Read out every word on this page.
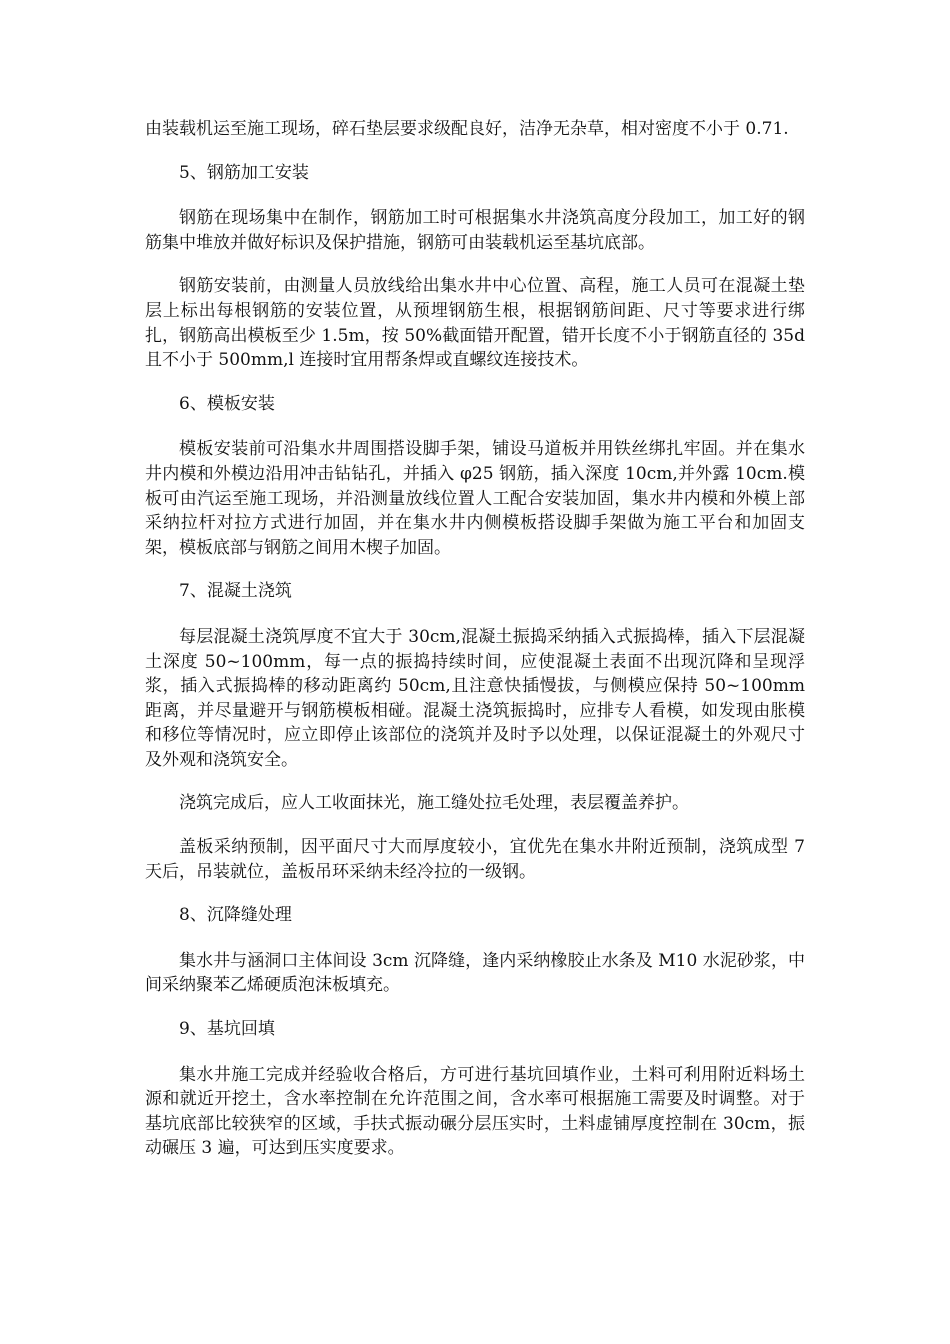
由装载机运至施工现场，碎石垫层要求级配良好，洁净无杂草，相对密度不小于 0.71.

5、钢筋加工安装

钢筋在现场集中在制作，钢筋加工时可根据集水井浇筑高度分段加工，加工好的钢筋集中堆放并做好标识及保护措施，钢筋可由装载机运至基坑底部。

钢筋安装前，由测量人员放线给出集水井中心位置、高程，施工人员可在混凝土垫层上标出每根钢筋的安装位置，从预埋钢筋生根，根据钢筋间距、尺寸等要求进行绑扎，钢筋高出模板至少 1.5m，按 50%截面错开配置，错开长度不小于钢筋直径的 35d 且不小于 500mm,l 连接时宜用帮条焊或直螺纹连接技术。

6、模板安装

模板安装前可沿集水井周围搭设脚手架，铺设马道板并用铁丝绑扎牢固。并在集水井内模和外模边沿用冲击钻钻孔，并插入 φ25 钢筋，插入深度 10cm,并外露 10cm.模板可由汽运至施工现场，并沿测量放线位置人工配合安装加固，集水井内模和外模上部采纳拉杆对拉方式进行加固，并在集水井内侧模板搭设脚手架做为施工平台和加固支架，模板底部与钢筋之间用木楔子加固。

7、混凝土浇筑

每层混凝土浇筑厚度不宜大于 30cm,混凝土振捣采纳插入式振捣棒，插入下层混凝土深度 50~100mm，每一点的振捣持续时间，应使混凝土表面不出现沉降和呈现浮浆，插入式振捣棒的移动距离约 50cm,且注意快插慢拔，与侧模应保持 50~100mm 距离，并尽量避开与钢筋模板相碰。混凝土浇筑振捣时，应排专人看模，如发现由胀模和移位等情况时，应立即停止该部位的浇筑并及时予以处理，以保证混凝土的外观尺寸及外观和浇筑安全。

浇筑完成后，应人工收面抹光，施工缝处拉毛处理，表层覆盖养护。

盖板采纳预制，因平面尺寸大而厚度较小，宜优先在集水井附近预制，浇筑成型 7 天后，吊装就位，盖板吊环采纳未经冷拉的一级钢。

8、沉降缝处理

集水井与涵洞口主体间设 3cm 沉降缝，逢内采纳橡胶止水条及 M10 水泥砂浆，中间采纳聚苯乙烯硬质泡沫板填充。

9、基坑回填

集水井施工完成并经验收合格后，方可进行基坑回填作业，土料可利用附近料场土源和就近开挖土，含水率控制在允许范围之间，含水率可根据施工需要及时调整。对于基坑底部比较狭窄的区域，手扶式振动碾分层压实时，土料虚铺厚度控制在 30cm，振动碾压 3 遍，可达到压实度要求。
